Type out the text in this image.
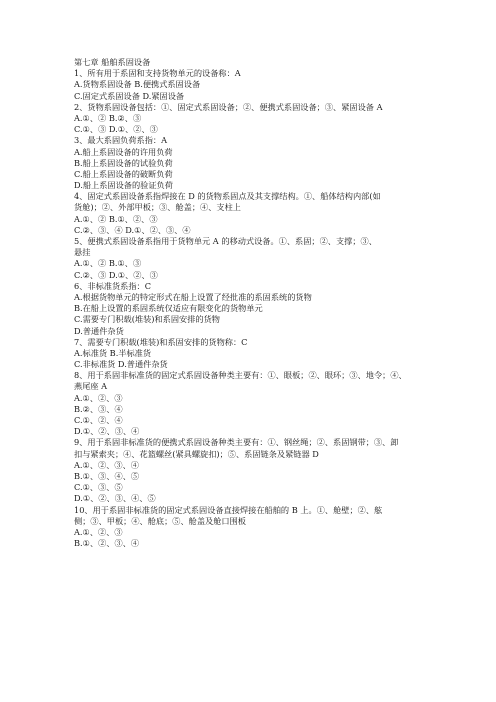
第七章 船舶系固设备
1、所有用于系固和支持货物单元的设备称：A
A.货物系固设备 B.便携式系固设备
C.固定式系固设备 D.紧固设备
2、货物系固设备包括：①、固定式系固设备；②、便携式系固设备；③、紧固设备 A
A.①、② B.②、③
C.①、③ D.①、②、③
3、最大系固负荷系指：A
A.船上系固设备的许用负荷
B.船上系固设备的试验负荷
C.船上系固设备的破断负荷
D.船上系固设备的验证负荷
4、固定式系固设备系指焊接在 D 的货物系固点及其支撑结构。①、船体结构内部(如
货舱)；②、外部甲板；③、舱盖；④、支柱上
A.①、② B.①、②、③
C.②、③、④ D.①、②、③、④
5、便携式系固设备系指用于货物单元 A 的移动式设备。①、系固；②、支撑；③、
悬挂
A.①、② B.①、③
C.②、③ D.①、②、③
6、非标准货系指：C
A.根据货物单元的特定形式在船上设置了经批准的系固系统的货物
B.在船上设置的系固系统仅适应有限变化的货物单元
C.需要专门积载(堆装)和系固安排的货物
D.普通件杂货
7、需要专门积载(堆装)和系固安排的货物称：C
A.标准货 B.半标准货
C.非标准货 D.普通件杂货
8、用于系固非标准货的固定式系固设备种类主要有：①、眼板；②、眼环；③、地令；④、
燕尾座 A
A.①、②、③
B.②、③、④
C.①、②、④
D.①、②、③、④
9、用于系固非标准货的便携式系固设备种类主要有：①、钢丝绳；②、系固钢带；③、卸
扣与紧索夹；④、花篮螺丝(紧具螺旋扣)；⑤、系固链条及紧链器 D
A.①、②、③、④
B.①、③、④、⑤
C.①、③、⑤
D.①、②、③、④、⑤
10、用于系固非标准货的固定式系固设备直接焊接在船舶的 B 上。①、舱壁；②、舷
侧；③、甲板；④、舱底；⑤、舱盖及舱口围板
A.①、②、③
B.①、②、③、④
